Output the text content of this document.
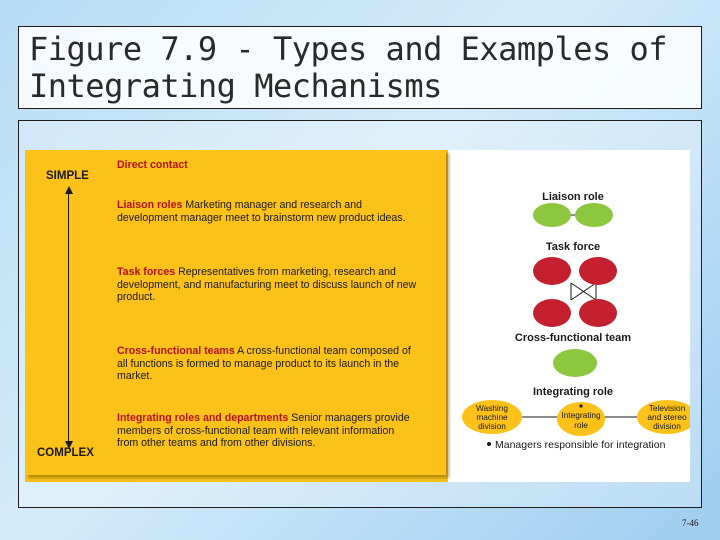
Figure 7.9 - Types and Examples of Integrating Mechanisms
SIMPLE
COMPLEX
Direct contact
Liaison roles Marketing manager and research and development manager meet to brainstorm new product ideas.
Task forces Representatives from marketing, research and development, and manufacturing meet to discuss launch of new product.
Cross-functional teams A cross-functional team composed of all functions is formed to manage product to its launch in the market.
Integrating roles and departments Senior managers provide members of cross-functional team with relevant information from other teams and from other divisions.
Liaison role
Task force
Cross-functional team
Integrating role
Washing
machine
division
Integrating
role
Television
and stereo
division
Managers responsible for integration
7-46
